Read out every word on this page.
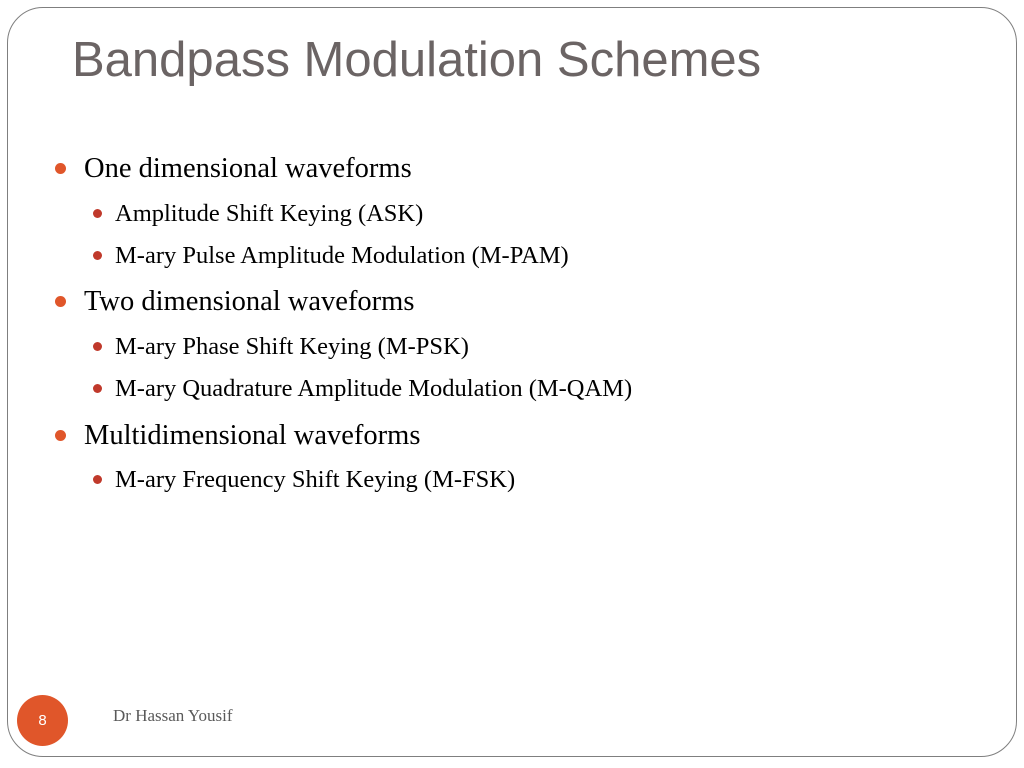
Bandpass Modulation Schemes
One dimensional waveforms
Amplitude Shift Keying (ASK)
M-ary Pulse Amplitude Modulation (M-PAM)
Two dimensional waveforms
M-ary Phase Shift Keying (M-PSK)
M-ary Quadrature Amplitude Modulation (M-QAM)
Multidimensional waveforms
M-ary Frequency Shift Keying (M-FSK)
8	Dr Hassan Yousif
